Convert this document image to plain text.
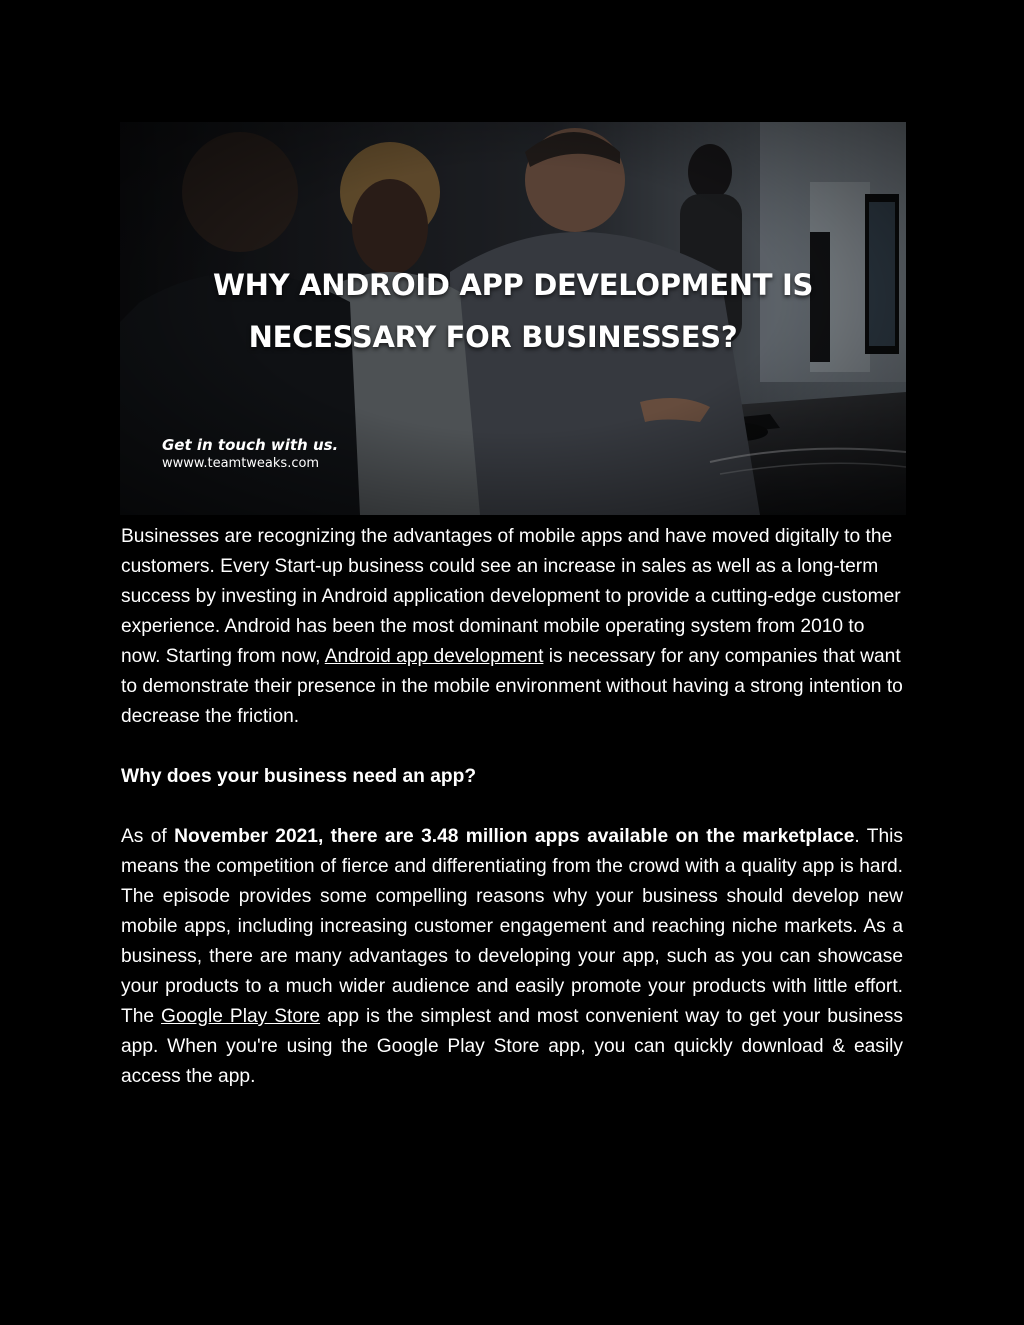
WHY ANDROID APP DEVELOPMENT IS
NECESSARY FOR BUSINESSES?
Get in touch with us.
wwww.teamtweaks.com

Businesses are recognizing the advantages of mobile apps and have moved digitally to the customers. Every Start-up business could see an increase in sales as well as a long-term success by investing in Android application development to provide a cutting-edge customer experience. Android has been the most dominant mobile operating system from 2010 to now. Starting from now, Android app development is necessary for any companies that want to demonstrate their presence in the mobile environment without having a strong intention to decrease the friction.

Why does your business need an app?

As of November 2021, there are 3.48 million apps available on the marketplace. This means the competition of fierce and differentiating from the crowd with a quality app is hard. The episode provides some compelling reasons why your business should develop new mobile apps, including increasing customer engagement and reaching niche markets. As a business, there are many advantages to developing your app, such as you can showcase your products to a much wider audience and easily promote your products with little effort. The Google Play Store app is the simplest and most convenient way to get your business app. When you're using the Google Play Store app, you can quickly download & easily access the app.
